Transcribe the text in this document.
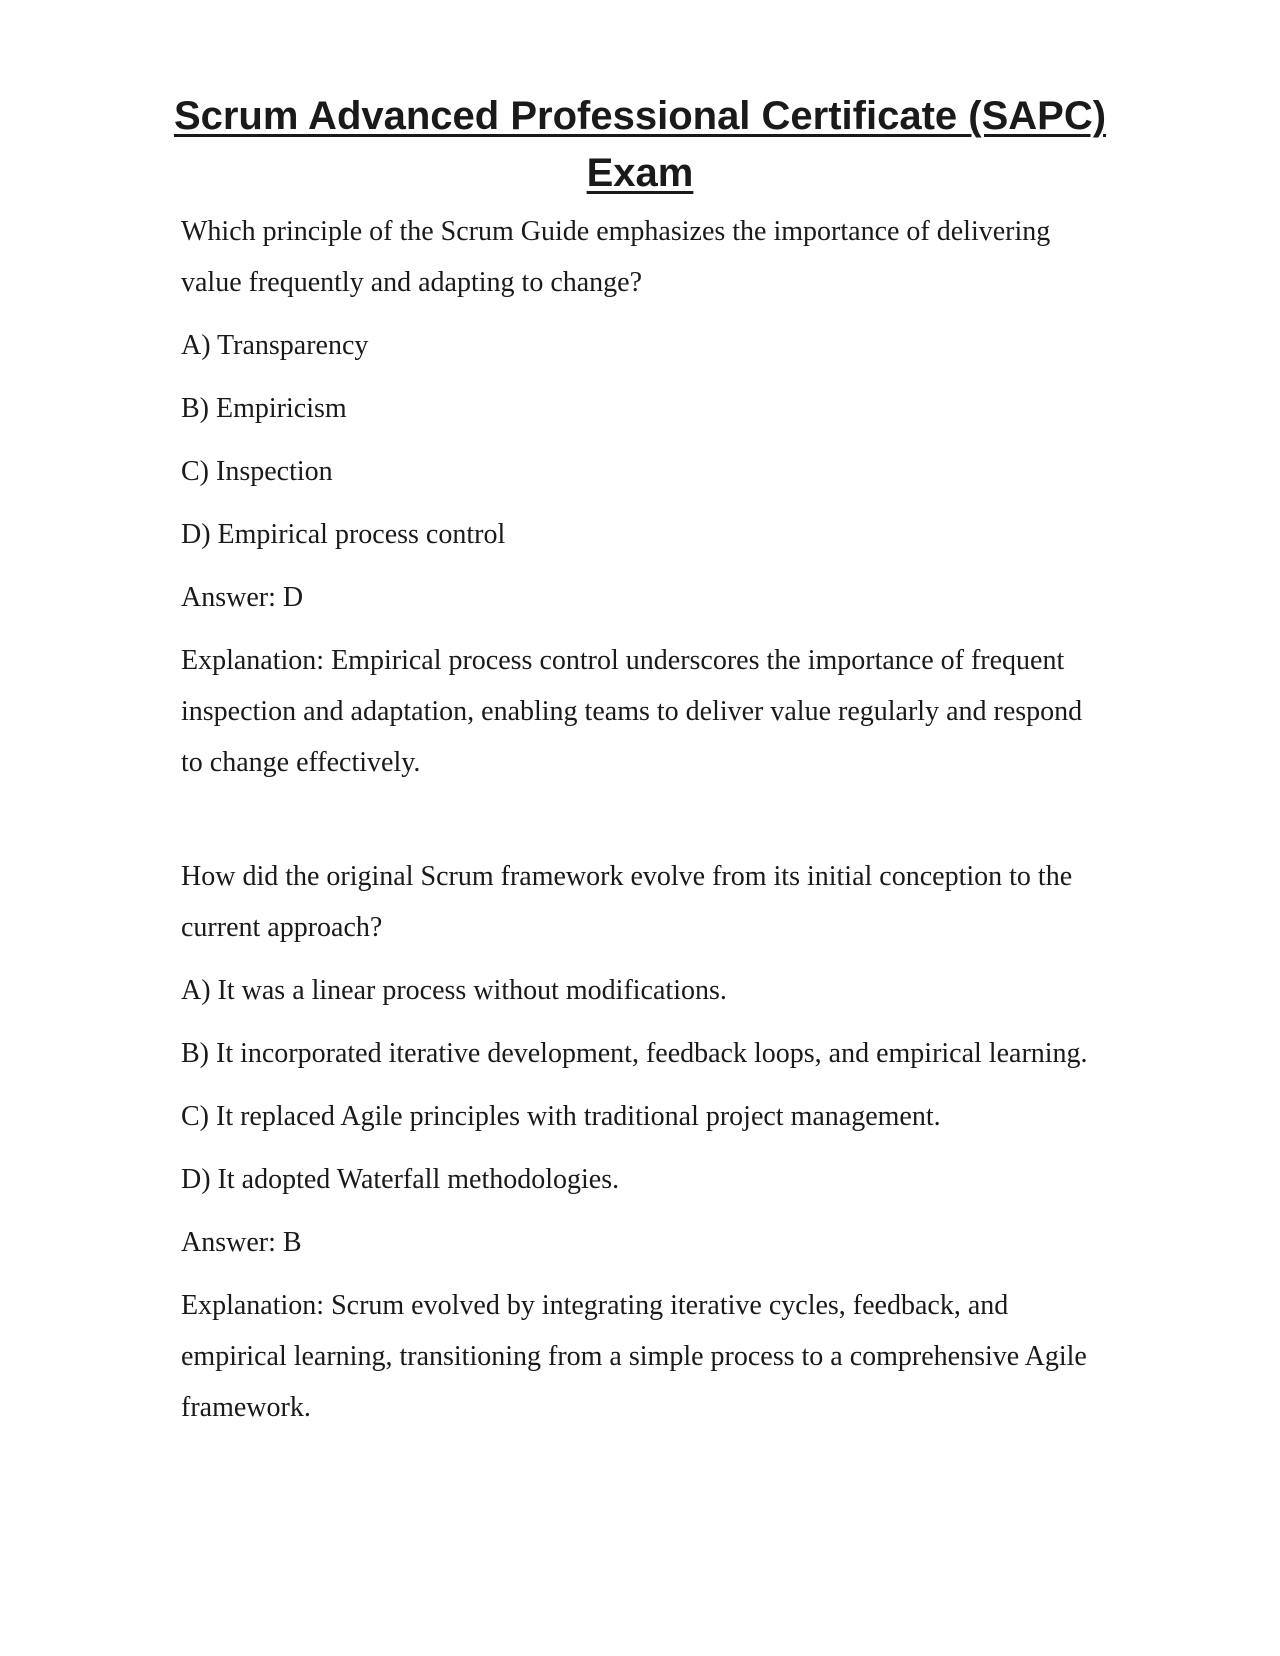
Scrum Advanced Professional Certificate (SAPC)
Exam

Which principle of the Scrum Guide emphasizes the importance of delivering value frequently and adapting to change?

A) Transparency

B) Empiricism

C) Inspection

D) Empirical process control

Answer: D

Explanation: Empirical process control underscores the importance of frequent inspection and adaptation, enabling teams to deliver value regularly and respond to change effectively.

How did the original Scrum framework evolve from its initial conception to the current approach?

A) It was a linear process without modifications.

B) It incorporated iterative development, feedback loops, and empirical learning.

C) It replaced Agile principles with traditional project management.

D) It adopted Waterfall methodologies.

Answer: B

Explanation: Scrum evolved by integrating iterative cycles, feedback, and empirical learning, transitioning from a simple process to a comprehensive Agile framework.
